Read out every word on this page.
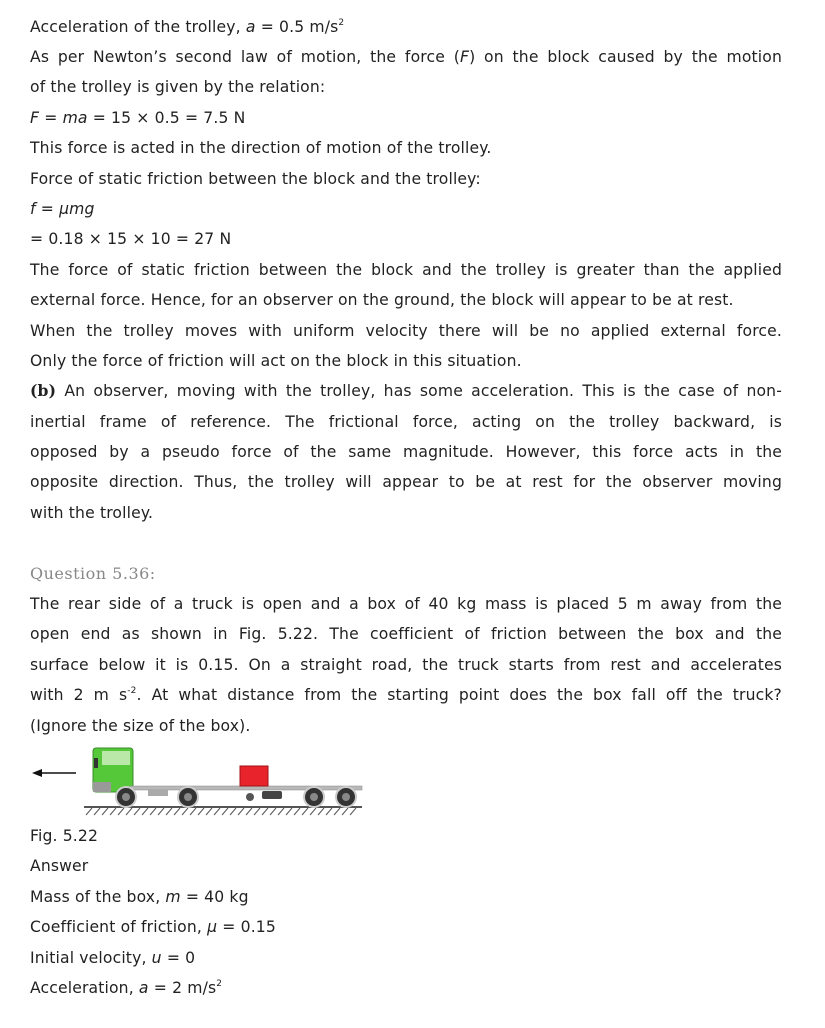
Acceleration of the trolley, a = 0.5 $m/s^2$
As per Newton’s second law of motion, the force (F) on the block caused by the motion
of the trolley is given by the relation:
F = ma = 15 × 0.5 = 7.5 N
This force is acted in the direction of motion of the trolley.
Force of static friction between the block and the trolley:
f = μmg
= 0.18 × 15 × 10 = 27 N
The force of static friction between the block and the trolley is greater than the applied
external force. Hence, for an observer on the ground, the block will appear to be at rest.
When the trolley moves with uniform velocity there will be no applied external force.
Only the force of friction will act on the block in this situation.
(b) An observer, moving with the trolley, has some acceleration. This is the case of non-
inertial frame of reference. The frictional force, acting on the trolley backward, is
opposed by a pseudo force of the same magnitude. However, this force acts in the
opposite direction. Thus, the trolley will appear to be at rest for the observer moving
with the trolley.
Question 5.36:
The rear side of a truck is open and a box of 40 kg mass is placed 5 m away from the
open end as shown in Fig. 5.22. The coefficient of friction between the box and the
surface below it is 0.15. On a straight road, the truck starts from rest and accelerates
with 2 m $s^{-2}$. At what distance from the starting point does the box fall off the truck?
(Ignore the size of the box).
Fig. 5.22
Answer
Mass of the box, m = 40 kg
Coefficient of friction, μ = 0.15
Initial velocity, u = 0
Acceleration, a = 2 $m/s^2$
